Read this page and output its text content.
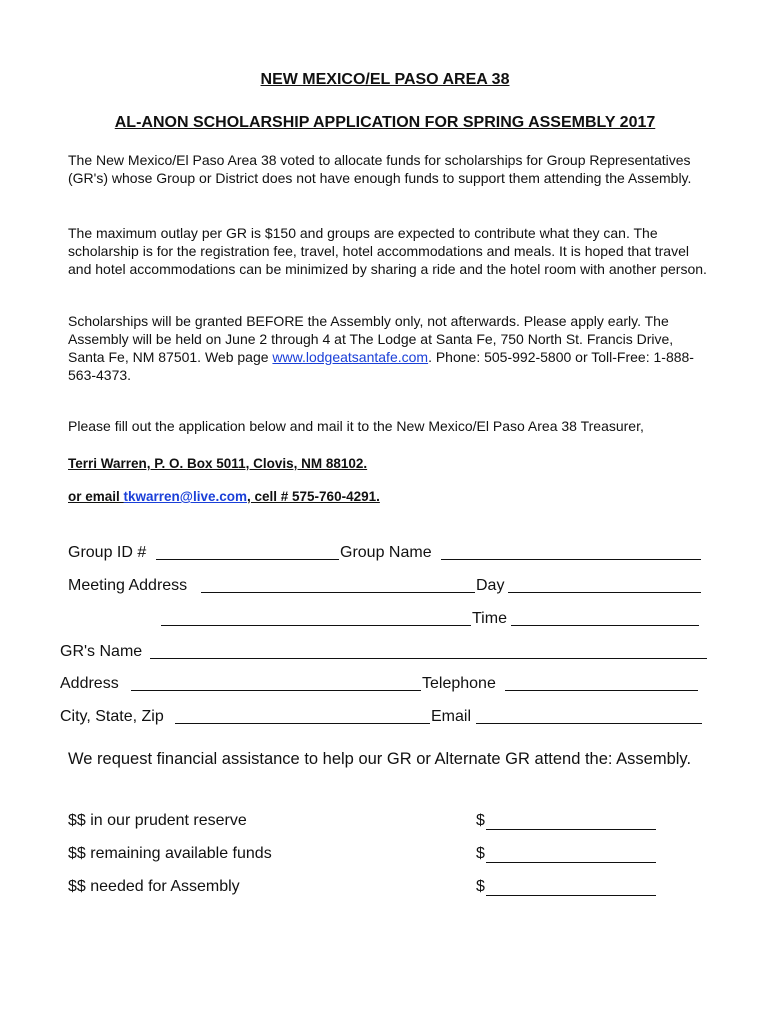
NEW MEXICO/EL PASO AREA 38
AL-ANON SCHOLARSHIP APPLICATION FOR SPRING ASSEMBLY 2017

The New Mexico/El Paso Area 38 voted to allocate funds for scholarships for Group Representatives (GR's) whose Group or District does not have enough funds to support them attending the Assembly.

The maximum outlay per GR is $150 and groups are expected to contribute what they can. The scholarship is for the registration fee, travel, hotel accommodations and meals. It is hoped that travel and hotel accommodations can be minimized by sharing a ride and the hotel room with another person.

Scholarships will be granted BEFORE the Assembly only, not afterwards. Please apply early. The Assembly will be held on June 2 through 4 at The Lodge at Santa Fe, 750 North St. Francis Drive, Santa Fe, NM 87501. Web page www.lodgeatsantafe.com. Phone: 505-992-5800 or Toll-Free: 1-888-563-4373.

Please fill out the application below and mail it to the New Mexico/El Paso Area 38 Treasurer,

Terri Warren, P. O. Box 5011, Clovis, NM 88102.
or email tkwarren@live.com, cell # 575-760-4291.
Group ID #	Group Name
Meeting Address	Day
Time
GR's Name
Address	Telephone
City, State, Zip	Email

We request financial assistance to help our GR or Alternate GR attend the: Assembly.

$$ in our prudent reserve	$
$$ remaining available funds	$
$$ needed for Assembly	$
